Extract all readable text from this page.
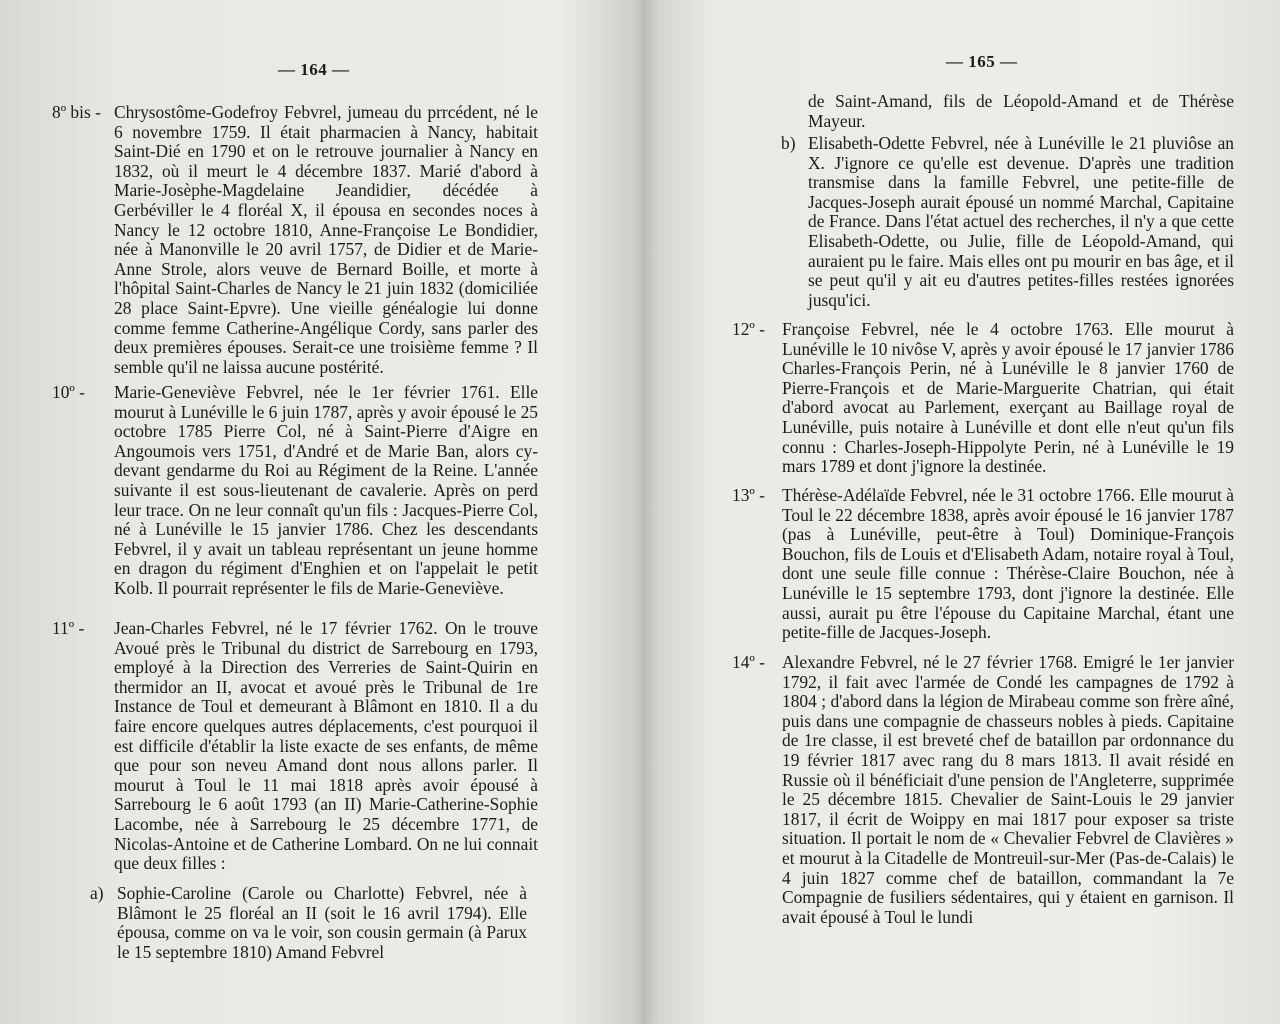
— 164 —

8º bis - Chrysostôme-Godefroy Febvrel, jumeau du prrcédent, né le 6 novembre 1759. Il était pharmacien à Nancy, habitait Saint-Dié en 1790 et on le retrouve journalier à Nancy en 1832, où il meurt le 4 décembre 1837. Marié d'abord à Marie-Josèphe-Magdelaine Jeandidier, décédée à Gerbéviller le 4 floréal X, il épousa en secondes noces à Nancy le 12 octobre 1810, Anne-Françoise Le Bondidier, née à Manonville le 20 avril 1757, de Didier et de Marie-Anne Strole, alors veuve de Bernard Boille, et morte à l'hôpital Saint-Charles de Nancy le 21 juin 1832 (domiciliée 28 place Saint-Epvre). Une vieille généalogie lui donne comme femme Catherine-Angélique Cordy, sans parler des deux premières épouses. Serait-ce une troisième femme ? Il semble qu'il ne laissa aucune postérité.

10º - Marie-Geneviève Febvrel, née le 1er février 1761. Elle mourut à Lunéville le 6 juin 1787, après y avoir épousé le 25 octobre 1785 Pierre Col, né à Saint-Pierre d'Aigre en Angoumois vers 1751, d'André et de Marie Ban, alors cy-devant gendarme du Roi au Régiment de la Reine. L'année suivante il est sous-lieutenant de cavalerie. Après on perd leur trace. On ne leur connaît qu'un fils : Jacques-Pierre Col, né à Lunéville le 15 janvier 1786. Chez les descendants Febvrel, il y avait un tableau représentant un jeune homme en dragon du régiment d'Enghien et on l'appelait le petit Kolb. Il pourrait représenter le fils de Marie-Geneviève.

11º - Jean-Charles Febvrel, né le 17 février 1762. On le trouve Avoué près le Tribunal du district de Sarrebourg en 1793, employé à la Direction des Verreries de Saint-Quirin en thermidor an II, avocat et avoué près le Tribunal de 1re Instance de Toul et demeurant à Blâmont en 1810. Il a du faire encore quelques autres déplacements, c'est pourquoi il est difficile d'établir la liste exacte de ses enfants, de même que pour son neveu Amand dont nous allons parler. Il mourut à Toul le 11 mai 1818 après avoir épousé à Sarrebourg le 6 août 1793 (an II) Marie-Catherine-Sophie Lacombe, née à Sarrebourg le 25 décembre 1771, de Nicolas-Antoine et de Catherine Lombard. On ne lui connait que deux filles :

a) Sophie-Caroline (Carole ou Charlotte) Febvrel, née à Blâmont le 25 floréal an II (soit le 16 avril 1794). Elle épousa, comme on va le voir, son cousin germain (à Parux le 15 septembre 1810) Amand Febvrel

— 165 —

de Saint-Amand, fils de Léopold-Amand et de Thérèse Mayeur.

b) Elisabeth-Odette Febvrel, née à Lunéville le 21 pluviôse an X. J'ignore ce qu'elle est devenue. D'après une tradition transmise dans la famille Febvrel, une petite-fille de Jacques-Joseph aurait épousé un nommé Marchal, Capitaine de France. Dans l'état actuel des recherches, il n'y a que cette Elisabeth-Odette, ou Julie, fille de Léopold-Amand, qui auraient pu le faire. Mais elles ont pu mourir en bas âge, et il se peut qu'il y ait eu d'autres petites-filles restées ignorées jusqu'ici.

12º - Françoise Febvrel, née le 4 octobre 1763. Elle mourut à Lunéville le 10 nivôse V, après y avoir épousé le 17 janvier 1786 Charles-François Perin, né à Lunéville le 8 janvier 1760 de Pierre-François et de Marie-Marguerite Chatrian, qui était d'abord avocat au Parlement, exerçant au Baillage royal de Lunéville, puis notaire à Lunéville et dont elle n'eut qu'un fils connu : Charles-Joseph-Hippolyte Perin, né à Lunéville le 19 mars 1789 et dont j'ignore la destinée.

13º - Thérèse-Adélaïde Febvrel, née le 31 octobre 1766. Elle mourut à Toul le 22 décembre 1838, après avoir épousé le 16 janvier 1787 (pas à Lunéville, peut-être à Toul) Dominique-François Bouchon, fils de Louis et d'Elisabeth Adam, notaire royal à Toul, dont une seule fille connue : Thérèse-Claire Bouchon, née à Lunéville le 15 septembre 1793, dont j'ignore la destinée. Elle aussi, aurait pu être l'épouse du Capitaine Marchal, étant une petite-fille de Jacques-Joseph.

14º - Alexandre Febvrel, né le 27 février 1768. Emigré le 1er janvier 1792, il fait avec l'armée de Condé les campagnes de 1792 à 1804 ; d'abord dans la légion de Mirabeau comme son frère aîné, puis dans une compagnie de chasseurs nobles à pieds. Capitaine de 1re classe, il est breveté chef de bataillon par ordonnance du 19 février 1817 avec rang du 8 mars 1813. Il avait résidé en Russie où il bénéficiait d'une pension de l'Angleterre, supprimée le 25 décembre 1815. Chevalier de Saint-Louis le 29 janvier 1817, il écrit de Woippy en mai 1817 pour exposer sa triste situation. Il portait le nom de « Chevalier Febvrel de Clavières » et mourut à la Citadelle de Montreuil-sur-Mer (Pas-de-Calais) le 4 juin 1827 comme chef de bataillon, commandant la 7e Compagnie de fusiliers sédentaires, qui y étaient en garnison. Il avait épousé à Toul le lundi
